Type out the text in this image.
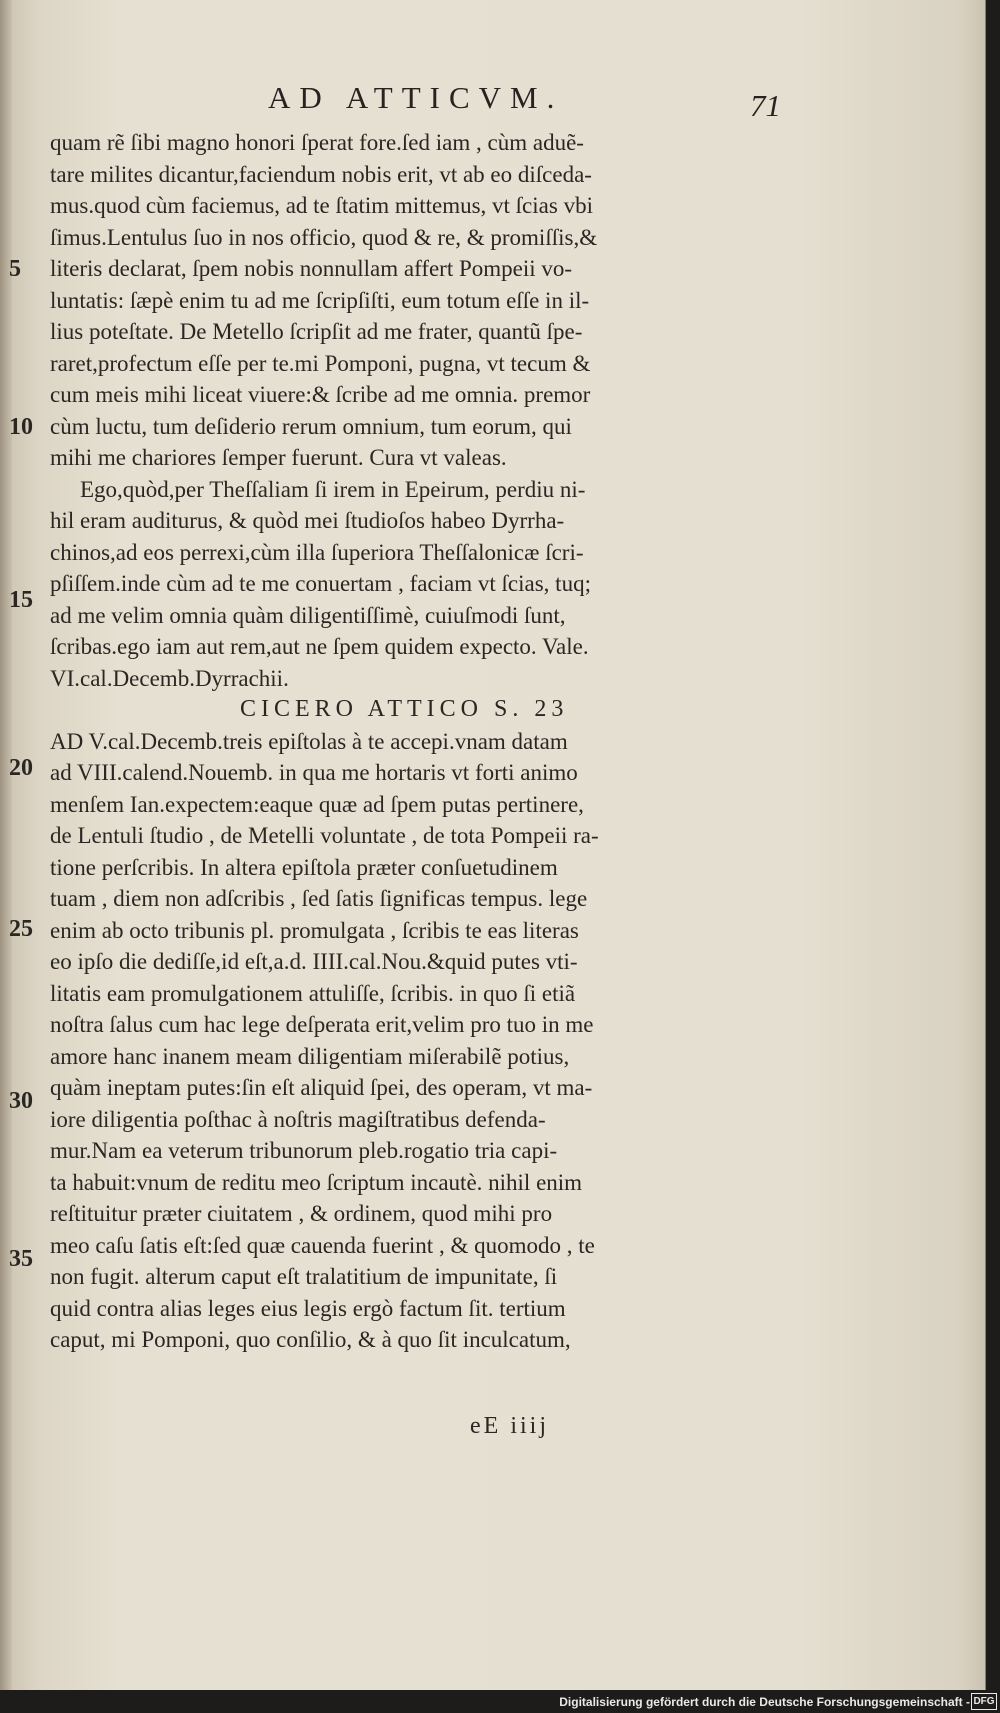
AD ATTICVM.	71
5
10
15
20
25
30
35
quam rẽ ſibi magno honori ſperat fore.ſed iam , cùm aduẽ-
tare milites dicantur,faciendum nobis erit, vt ab eo diſceda-
mus.quod cùm faciemus, ad te ſtatim mittemus, vt ſcias vbi
ſimus.Lentulus ſuo in nos officio, quod & re, & promiſſis,&
literis declarat, ſpem nobis nonnullam affert Pompeii vo-
luntatis: ſæpè enim tu ad me ſcripſiſti, eum totum eſſe in il-
lius poteſtate. De Metello ſcripſit ad me frater, quantũ ſpe-
raret,profectum eſſe per te.mi Pomponi, pugna, vt tecum &
cum meis mihi liceat viuere:& ſcribe ad me omnia. premor
cùm luctu, tum deſiderio rerum omnium, tum eorum, qui
mihi me chariores ſemper fuerunt. Cura vt valeas.
Ego,quòd,per Theſſaliam ſi irem in Epeirum, perdiu ni-
hil eram auditurus, & quòd mei ſtudioſos habeo Dyrrha-
chinos,ad eos perrexi,cùm illa ſuperiora Theſſalonicæ ſcri-
pſiſſem.inde cùm ad te me conuertam , faciam vt ſcias, tuq;
ad me velim omnia quàm diligentiſſimè, cuiuſmodi ſunt,
ſcribas.ego iam aut rem,aut ne ſpem quidem expecto. Vale.
VI.cal.Decemb.Dyrrachii.
CICERO ATTICO S. 23
AD V.cal.Decemb.treis epiſtolas à te accepi.vnam datam
ad VIII.calend.Nouemb. in qua me hortaris vt forti animo
menſem Ian.expectem:eaque quæ ad ſpem putas pertinere,
de Lentuli ſtudio , de Metelli voluntate , de tota Pompeii ra-
tione perſcribis. In altera epiſtola præter conſuetudinem
tuam , diem non adſcribis , ſed ſatis ſignificas tempus. lege
enim ab octo tribunis pl. promulgata , ſcribis te eas literas
eo ipſo die dediſſe,id eſt,a.d. IIII.cal.Nou.&quid putes vti-
litatis eam promulgationem attuliſſe, ſcribis. in quo ſi etiã
noſtra ſalus cum hac lege deſperata erit,velim pro tuo in me
amore hanc inanem meam diligentiam miſerabilẽ potius,
quàm ineptam putes:ſin eſt aliquid ſpei, des operam, vt ma-
iore diligentia poſthac à noſtris magiſtratibus defenda-
mur.Nam ea veterum tribunorum pleb.rogatio tria capi-
ta habuit:vnum de reditu meo ſcriptum incautè. nihil enim
reſtituitur præter ciuitatem , & ordinem, quod mihi pro
meo caſu ſatis eſt:ſed quæ cauenda fuerint , & quomodo , te
non fugit. alterum caput eſt tralatitium de impunitate, ſi
quid contra alias leges eius legis ergò factum ſit. tertium
caput, mi Pomponi, quo conſilio, & à quo ſit inculcatum,
eE iiij
Digitalisierung gefördert durch die Deutsche Forschungsgemeinschaft - DFG
